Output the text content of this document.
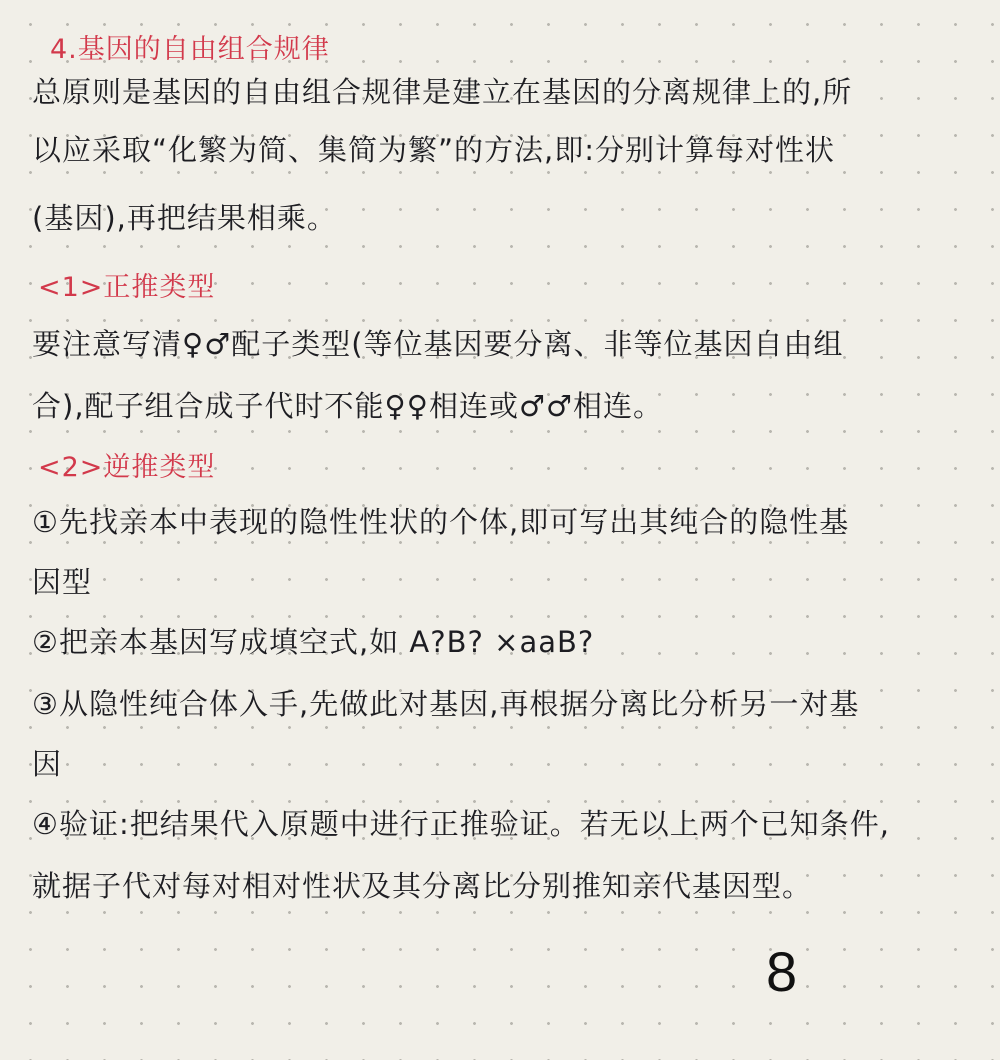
4.基因的自由组合规律
总原则是基因的自由组合规律是建立在基因的分离规律上的,所
以应采取“化繁为简、集简为繁”的方法,即:分别计算每对性状
(基因),再把结果相乘。
<1>正推类型
要注意写清♀♂配子类型(等位基因要分离、非等位基因自由组
合),配子组合成子代时不能♀♀相连或♂♂相连。
<2>逆推类型
①先找亲本中表现的隐性性状的个体,即可写出其纯合的隐性基
因型
②把亲本基因写成填空式,如 A?B? ×aaB?
③从隐性纯合体入手,先做此对基因,再根据分离比分析另一对基
因
④验证:把结果代入原题中进行正推验证。若无以上两个已知条件,
就据子代对每对相对性状及其分离比分别推知亲代基因型。
8
